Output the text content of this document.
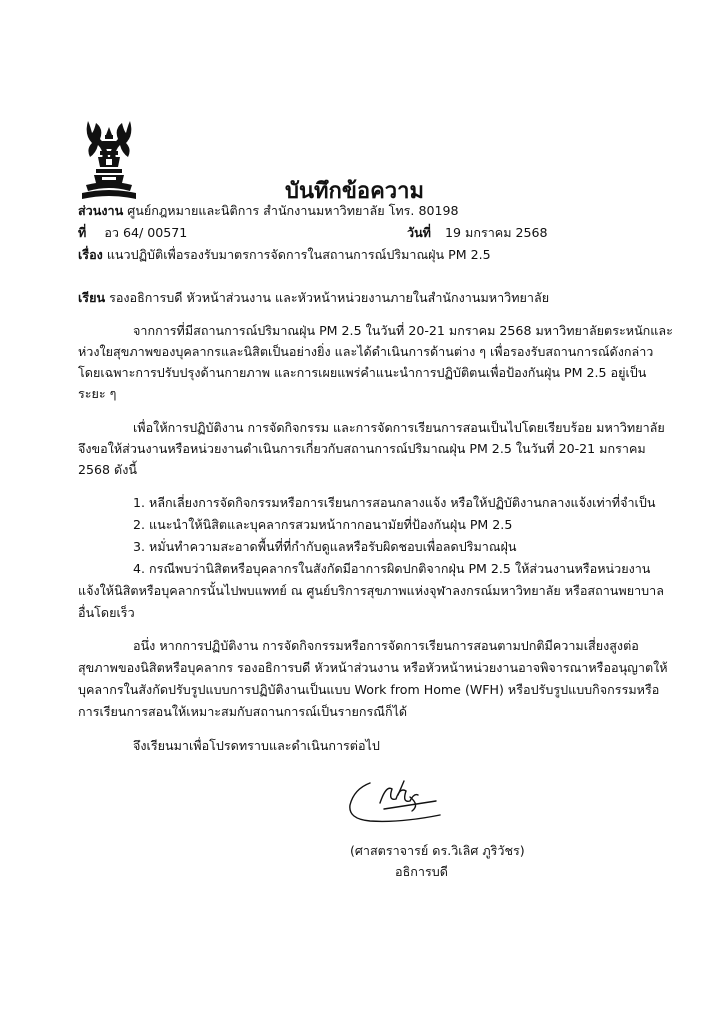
บันทึกข้อความ
ส่วนงาน ศูนย์กฎหมายและนิติการ สำนักงานมหาวิทยาลัย โทร. 80198
ที่ อว 64/ 00571	วันที่ 19 มกราคม 2568
เรื่อง แนวปฏิบัติเพื่อรองรับมาตรการจัดการในสถานการณ์ปริมาณฝุ่น PM 2.5
เรียน รองอธิการบดี หัวหน้าส่วนงาน และหัวหน้าหน่วยงานภายในสำนักงานมหาวิทยาลัย
จากการที่มีสถานการณ์ปริมาณฝุ่น PM 2.5 ในวันที่ 20-21 มกราคม 2568 มหาวิทยาลัยตระหนักและ
ห่วงใยสุขภาพของบุคลากรและนิสิตเป็นอย่างยิ่ง และได้ดำเนินการด้านต่าง ๆ เพื่อรองรับสถานการณ์ดังกล่าว
โดยเฉพาะการปรับปรุงด้านกายภาพ และการเผยแพร่คำแนะนำการปฏิบัติตนเพื่อป้องกันฝุ่น PM 2.5 อยู่เป็น
ระยะ ๆ
เพื่อให้การปฏิบัติงาน การจัดกิจกรรม และการจัดการเรียนการสอนเป็นไปโดยเรียบร้อย มหาวิทยาลัย
จึงขอให้ส่วนงานหรือหน่วยงานดำเนินการเกี่ยวกับสถานการณ์ปริมาณฝุ่น PM 2.5 ในวันที่ 20-21 มกราคม
2568 ดังนี้
1. หลีกเลี่ยงการจัดกิจกรรมหรือการเรียนการสอนกลางแจ้ง หรือให้ปฏิบัติงานกลางแจ้งเท่าที่จำเป็น
2. แนะนำให้นิสิตและบุคลากรสวมหน้ากากอนามัยที่ป้องกันฝุ่น PM 2.5
3. หมั่นทำความสะอาดพื้นที่ที่กำกับดูแลหรือรับผิดชอบเพื่อลดปริมาณฝุ่น
4. กรณีพบว่านิสิตหรือบุคลากรในสังกัดมีอาการผิดปกติจากฝุ่น PM 2.5 ให้ส่วนงานหรือหน่วยงาน
แจ้งให้นิสิตหรือบุคลากรนั้นไปพบแพทย์ ณ ศูนย์บริการสุขภาพแห่งจุฬาลงกรณ์มหาวิทยาลัย หรือสถานพยาบาล
อื่นโดยเร็ว
อนึ่ง หากการปฏิบัติงาน การจัดกิจกรรมหรือการจัดการเรียนการสอนตามปกติมีความเสี่ยงสูงต่อ
สุขภาพของนิสิตหรือบุคลากร รองอธิการบดี หัวหน้าส่วนงาน หรือหัวหน้าหน่วยงานอาจพิจารณาหรืออนุญาตให้
บุคลากรในสังกัดปรับรูปแบบการปฏิบัติงานเป็นแบบ Work from Home (WFH) หรือปรับรูปแบบกิจกรรมหรือ
การเรียนการสอนให้เหมาะสมกับสถานการณ์เป็นรายกรณีก็ได้
จึงเรียนมาเพื่อโปรดทราบและดำเนินการต่อไป
(ศาสตราจารย์ ดร.วิเลิศ ภูริวัชร)
อธิการบดี
